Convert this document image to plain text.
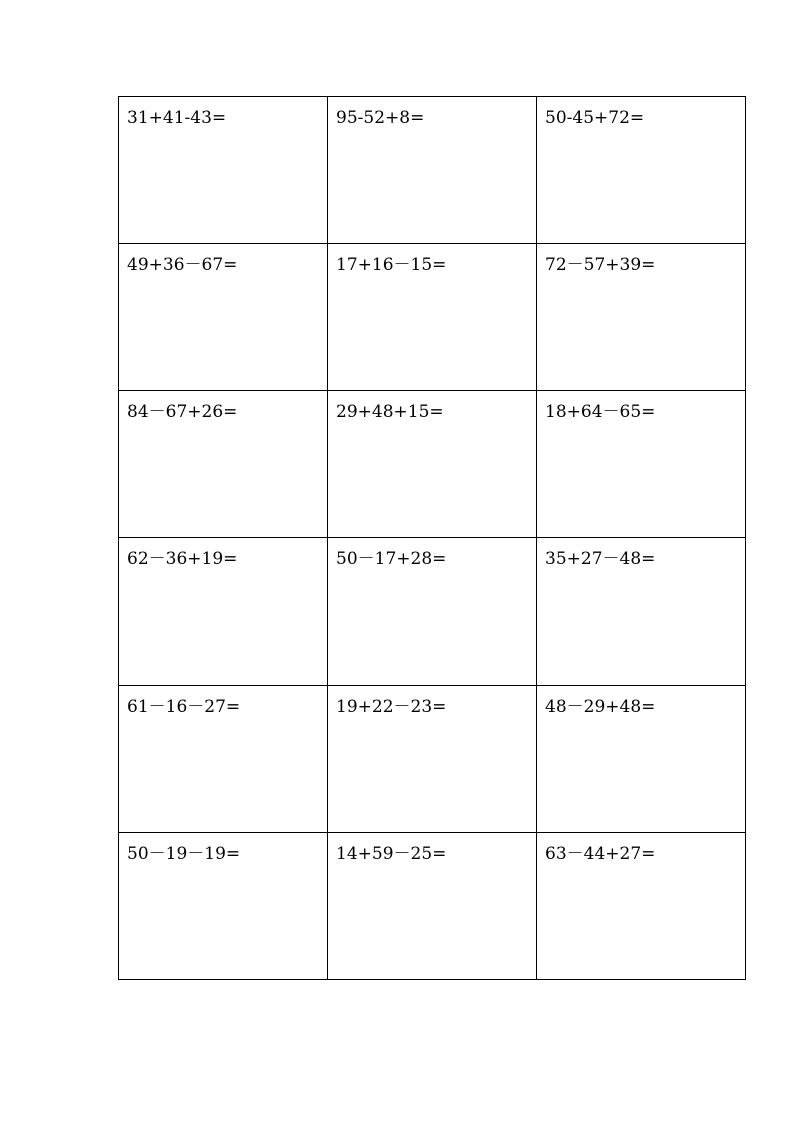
31+41-43=	95-52+8=	50-45+72=

49+36－67=	17+16－15=	72－57+39=

84－67+26=	29+48+15=	18+64－65=

62－36+19=	50－17+28=	35+27－48=

61－16－27=	19+22－23=	48－29+48=

50－19－19=	14+59－25=	63－44+27=
